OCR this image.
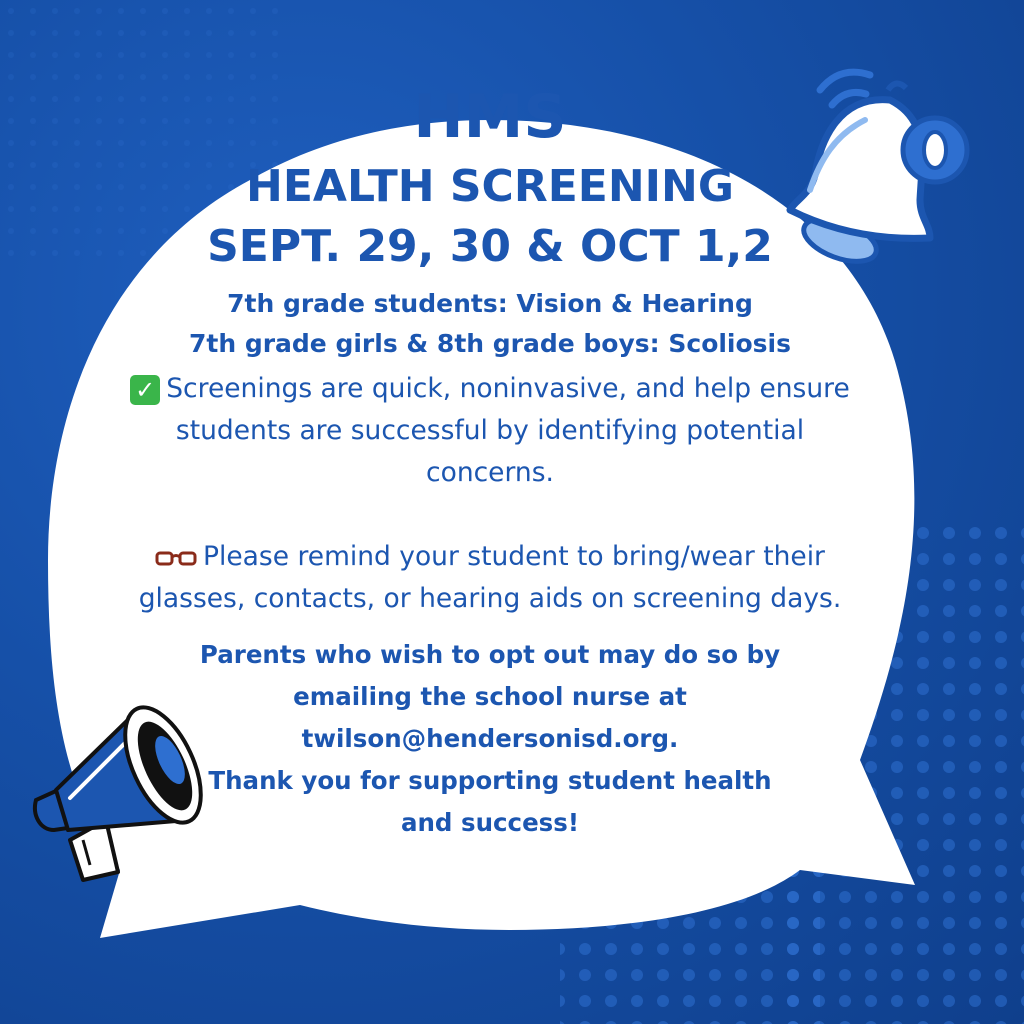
HMS
HEALTH SCREENING
SEPT. 29, 30 & OCT 1,2
7th grade students: Vision & Hearing
7th grade girls & 8th grade boys: Scoliosis
✓ Screenings are quick, noninvasive, and help ensure
students are successful by identifying potential
concerns.
Please remind your student to bring/wear their
glasses, contacts, or hearing aids on screening days.
Parents who wish to opt out may do so by
emailing the school nurse at
twilson@hendersonisd.org.
Thank you for supporting student health
and success!
